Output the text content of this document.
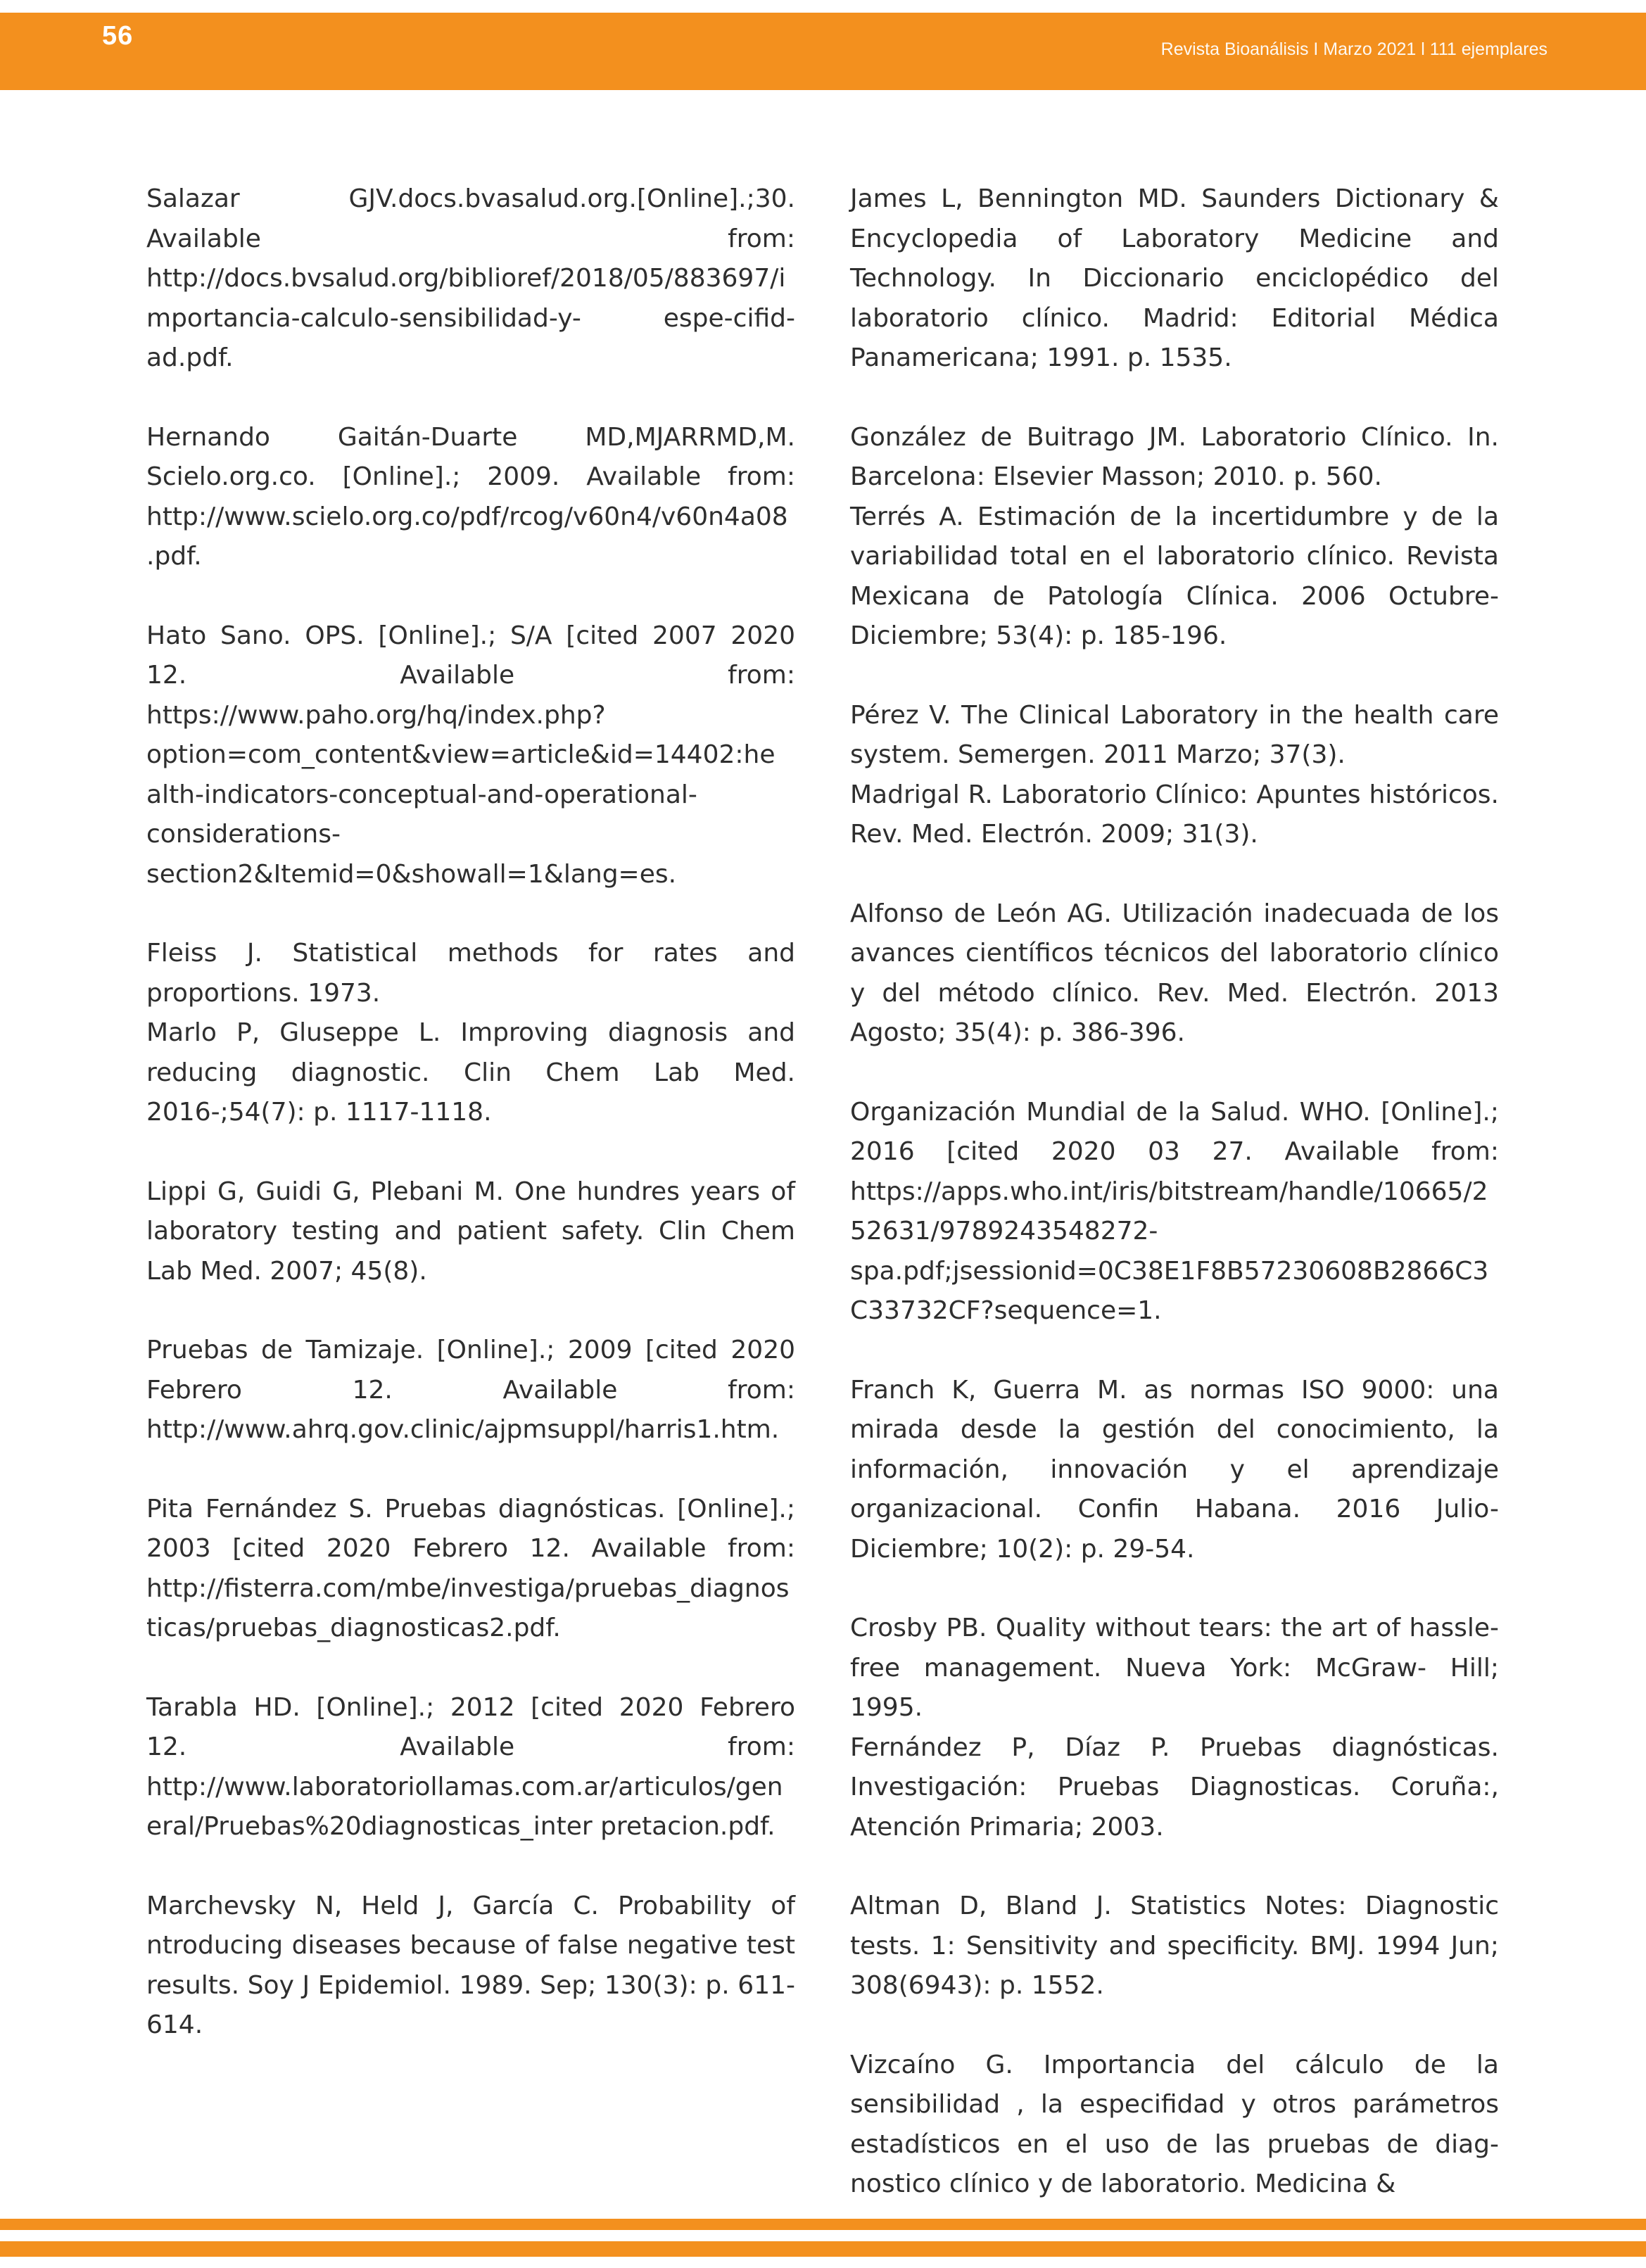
56	Revista Bioanálisis I Marzo 2021 l 111 ejemplares

Salazar GJV.docs.bvasalud.org.[Online].;30. Available from: http://docs.bvsalud.org/biblioref/2018/05/883697/importancia-calculo-sensibilidad-y- espe-cifid-ad.pdf.

Hernando Gaitán-Duarte MD,MJARRMD,M. Scielo.org.co. [Online].; 2009. Available from: http://www.scielo.org.co/pdf/rcog/v60n4/v60n4a08.pdf.

Hato Sano. OPS. [Online].; S/A [cited 2007 2020 12. Available from: https://www.paho.org/hq/index.php?option=com_content&view=article&id=14402:he alth-indicators-conceptual-and-operational-considerations- section2&Itemid=0&showall=1&lang=es.

Fleiss J. Statistical methods for rates and proportions. 1973.

Marlo P, Gluseppe L. Improving diagnosis and reducing diagnostic. Clin Chem Lab Med. 2016-;54(7): p. 1117-1118.

Lippi G, Guidi G, Plebani M. One hundres years of laboratory testing and patient safety. Clin Chem Lab Med. 2007; 45(8).

Pruebas de Tamizaje. [Online].; 2009 [cited 2020 Febrero 12. Available from: http://www.ahrq.gov.clinic/ajpmsuppl/harris1.htm.

Pita Fernández S. Pruebas diagnósticas. [Online].; 2003 [cited 2020 Febrero 12. Available from: http://fisterra.com/mbe/investiga/pruebas_diagnosticas/pruebas_diagnosticas2.pdf.

Tarabla HD. [Online].; 2012 [cited 2020 Febrero 12. Available from: http://www.laboratoriollamas.com.ar/articulos/general/Pruebas%20diagnosticas_inter pretacion.pdf.

Marchevsky N, Held J, García C. Probability of ntroducing diseases because of false negative test results. Soy J Epidemiol. 1989. Sep; 130(3): p. 611-614.

James L, Bennington MD. Saunders Dictionary & Encyclopedia of Laboratory Medicine and Technology. In Diccionario enciclopédico del laboratorio clínico. Madrid: Editorial Médica Panamericana; 1991. p. 1535.

González de Buitrago JM. Laboratorio Clínico. In. Barcelona: Elsevier Masson; 2010. p. 560.

Terrés A. Estimación de la incertidumbre y de la variabilidad total en el laboratorio clínico. Revista Mexicana de Patología Clínica. 2006 Octubre-Diciembre; 53(4): p. 185-196.

Pérez V. The Clinical Laboratory in the health care system. Semergen. 2011 Marzo; 37(3).

Madrigal R. Laboratorio Clínico: Apuntes históricos. Rev. Med. Electrón. 2009; 31(3).

Alfonso de León AG. Utilización inadecuada de los avances científicos técnicos del laboratorio clínico y del método clínico. Rev. Med. Electrón. 2013 Agosto; 35(4): p. 386-396.

Organización Mundial de la Salud. WHO. [Online].; 2016 [cited 2020 03 27. Available from: https://apps.who.int/iris/bitstream/handle/10665/252631/9789243548272-spa.pdf;jsessionid=0C38E1F8B57230608B2866C3C33732CF?sequence=1.

Franch K, Guerra M. as normas ISO 9000: una mirada desde la gestión del conocimiento, la información, innovación y el aprendizaje organizacional. Confin Habana. 2016 Julio-Diciembre; 10(2): p. 29-54.

Crosby PB. Quality without tears: the art of hassle-free management. Nueva York: McGraw- Hill; 1995.

Fernández P, Díaz P. Pruebas diagnósticas. Investigación: Pruebas Diagnosticas. Coruña:, Atención Primaria; 2003.

Altman D, Bland J. Statistics Notes: Diagnostic tests. 1: Sensitivity and specificity. BMJ. 1994 Jun; 308(6943): p. 1552.

Vizcaíno G. Importancia del cálculo de la sensibilidad , la especifidad y otros parámetros estadísticos en el uso de las pruebas de diag-nostico clínico y de laboratorio. Medicina &
